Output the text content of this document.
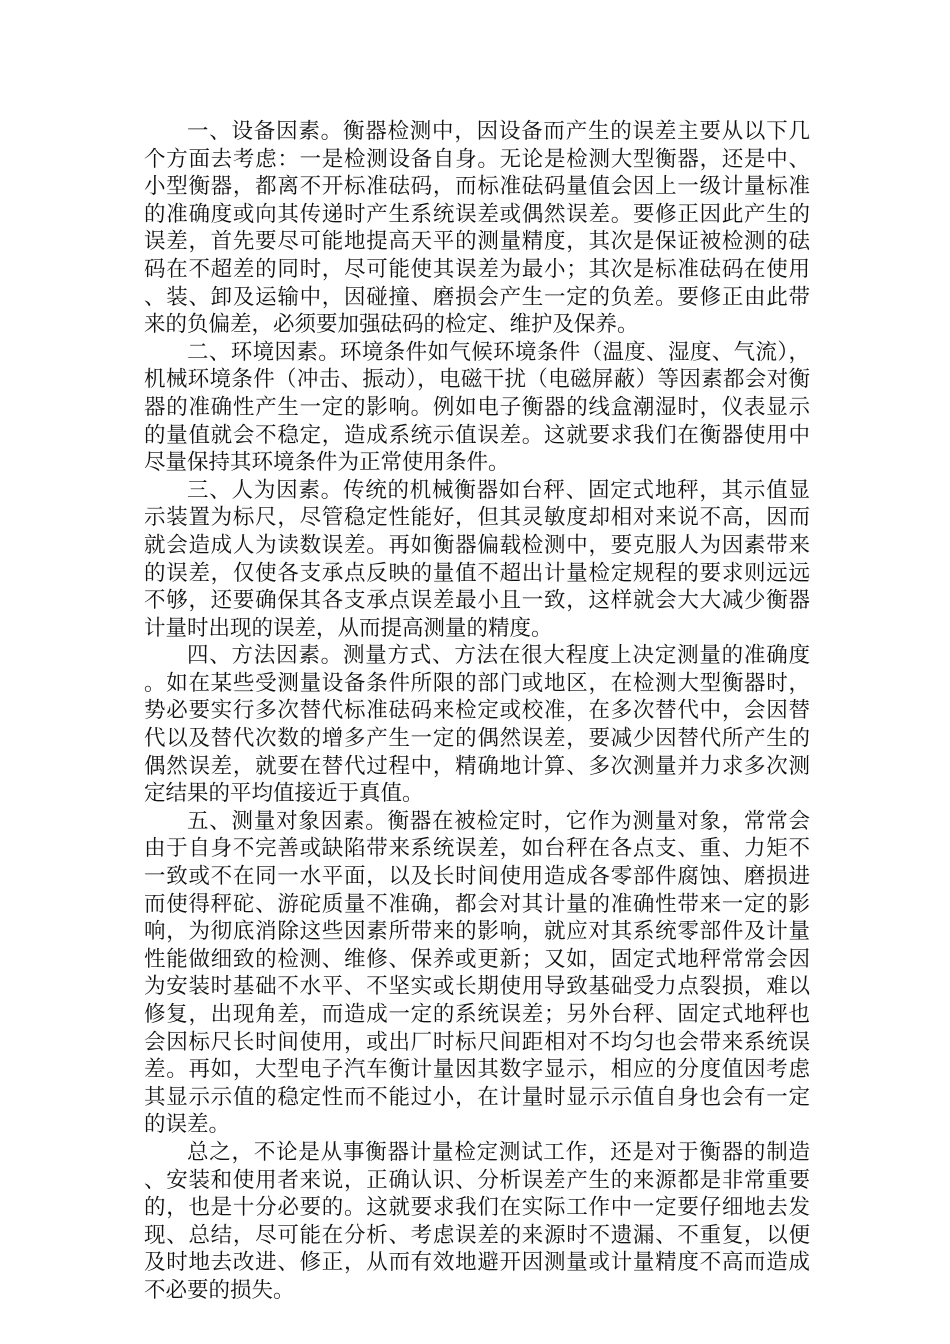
一、设备因素。衡器检测中，因设备而产生的误差主要从以下几个方面去考虑：一是检测设备自身。无论是检测大型衡器，还是中、小型衡器，都离不开标准砝码，而标准砝码量值会因上一级计量标准的准确度或向其传递时产生系统误差或偶然误差。要修正因此产生的误差，首先要尽可能地提高天平的测量精度，其次是保证被检测的砝码在不超差的同时，尽可能使其误差为最小；其次是标准砝码在使用、装、卸及运输中，因碰撞、磨损会产生一定的负差。要修正由此带来的负偏差，必须要加强砝码的检定、维护及保养。

二、环境因素。环境条件如气候环境条件（温度、湿度、气流），机械环境条件（冲击、振动），电磁干扰（电磁屏蔽）等因素都会对衡器的准确性产生一定的影响。例如电子衡器的线盒潮湿时，仪表显示的量值就会不稳定，造成系统示值误差。这就要求我们在衡器使用中尽量保持其环境条件为正常使用条件。

三、人为因素。传统的机械衡器如台秤、固定式地秤，其示值显示装置为标尺，尽管稳定性能好，但其灵敏度却相对来说不高，因而就会造成人为读数误差。再如衡器偏载检测中，要克服人为因素带来的误差，仅使各支承点反映的量值不超出计量检定规程的要求则远远不够，还要确保其各支承点误差最小且一致，这样就会大大减少衡器计量时出现的误差，从而提高测量的精度。

四、方法因素。测量方式、方法在很大程度上决定测量的准确度。如在某些受测量设备条件所限的部门或地区，在检测大型衡器时，势必要实行多次替代标准砝码来检定或校准，在多次替代中，会因替代以及替代次数的增多产生一定的偶然误差，要减少因替代所产生的偶然误差，就要在替代过程中，精确地计算、多次测量并力求多次测定结果的平均值接近于真值。

五、测量对象因素。衡器在被检定时，它作为测量对象，常常会由于自身不完善或缺陷带来系统误差，如台秤在各点支、重、力矩不一致或不在同一水平面，以及长时间使用造成各零部件腐蚀、磨损进而使得秤砣、游砣质量不准确，都会对其计量的准确性带来一定的影响，为彻底消除这些因素所带来的影响，就应对其系统零部件及计量性能做细致的检测、维修、保养或更新；又如，固定式地秤常常会因为安装时基础不水平、不坚实或长期使用导致基础受力点裂损，难以修复，出现角差，而造成一定的系统误差；另外台秤、固定式地秤也会因标尺长时间使用，或出厂时标尺间距相对不均匀也会带来系统误差。再如，大型电子汽车衡计量因其数字显示，相应的分度值因考虑其显示示值的稳定性而不能过小，在计量时显示示值自身也会有一定的误差。

总之，不论是从事衡器计量检定测试工作，还是对于衡器的制造、安装和使用者来说，正确认识、分析误差产生的来源都是非常重要的，也是十分必要的。这就要求我们在实际工作中一定要仔细地去发现、总结，尽可能在分析、考虑误差的来源时不遗漏、不重复，以便及时地去改进、修正，从而有效地避开因测量或计量精度不高而造成不必要的损失。
